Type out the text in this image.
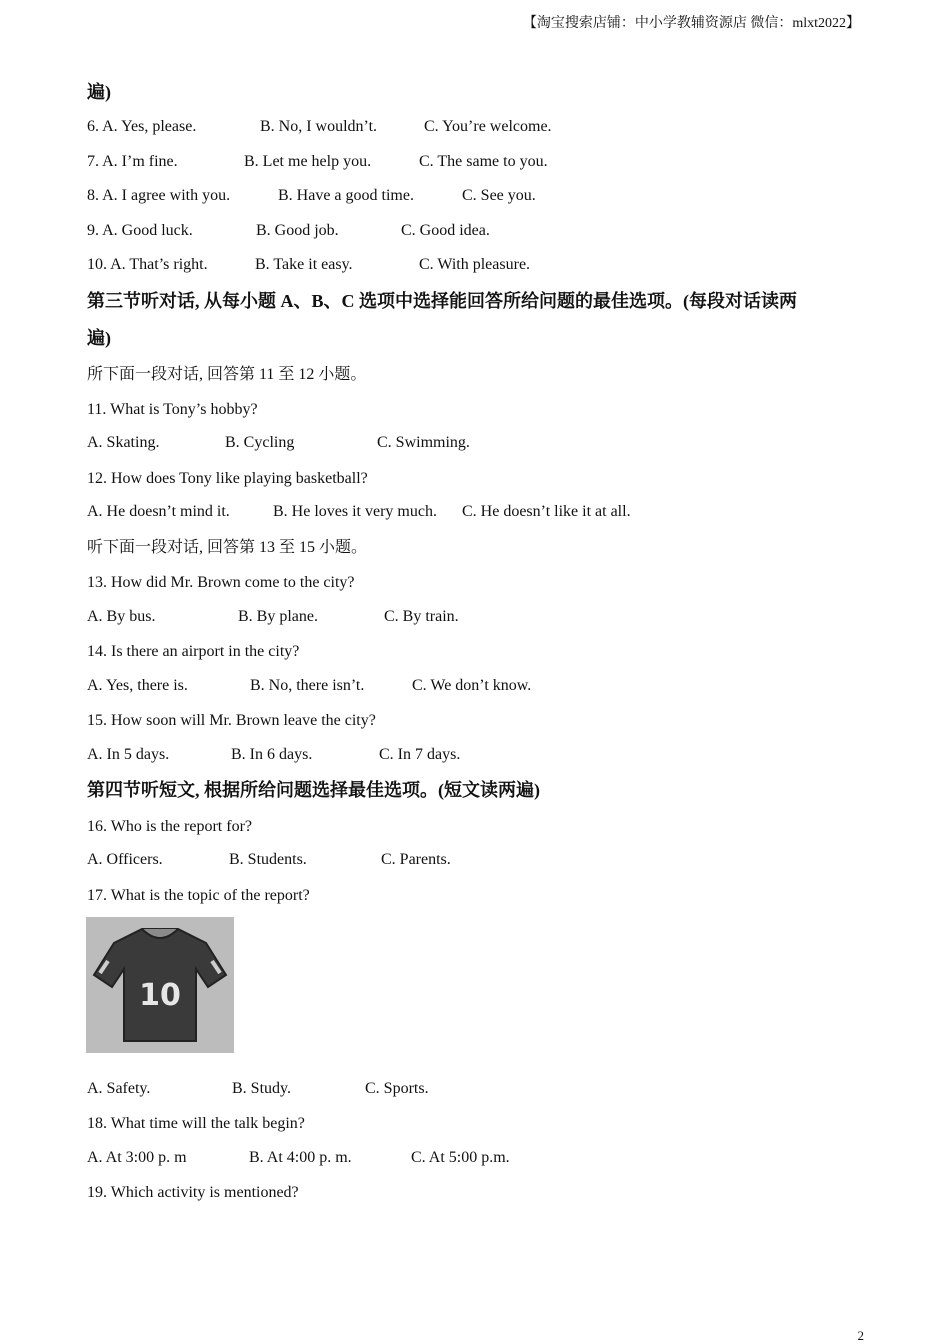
【淘宝搜索店铺：中小学教辅资源店 微信：mlxt2022】
遍)
6. A. Yes, please.	B. No, I wouldn’t.	C. You’re welcome.
7. A. I’m fine.	B. Let me help you.	C. The same to you.
8. A. I agree with you.	B. Have a good time.	C. See you.
9. A. Good luck.	B. Good job.	C. Good idea.
10. A. That’s right.	B. Take it easy.	C. With pleasure.
第三节听对话, 从每小题 A、B、C 选项中选择能回答所给问题的最佳选项。(每段对话读两
遍)
所下面一段对话, 回答第 11 至 12 小题。
11. What is Tony’s hobby?
A. Skating.	B. Cycling	C. Swimming.
12. How does Tony like playing basketball?
A. He doesn’t mind it.	B. He loves it very much. C. He doesn’t like it at all.
听下面一段对话, 回答第 13 至 15 小题。
13. How did Mr. Brown come to the city?
A. By bus.	B. By plane.	C. By train.
14. Is there an airport in the city?
A. Yes, there is.	B. No, there isn’t.	C. We don’t know.
15. How soon will Mr. Brown leave the city?
A. In 5 days.	B. In 6 days.	C. In 7 days.
第四节听短文, 根据所给问题选择最佳选项。(短文读两遍)
16. Who is the report for?
A. Officers.	B. Students.	C. Parents.
17. What is the topic of the report?
10
A. Safety.	B. Study.	C. Sports.
18. What time will the talk begin?
A. At 3:00 p. m	B. At 4:00 p. m.	C. At 5:00 p.m.
19. Which activity is mentioned?
2
